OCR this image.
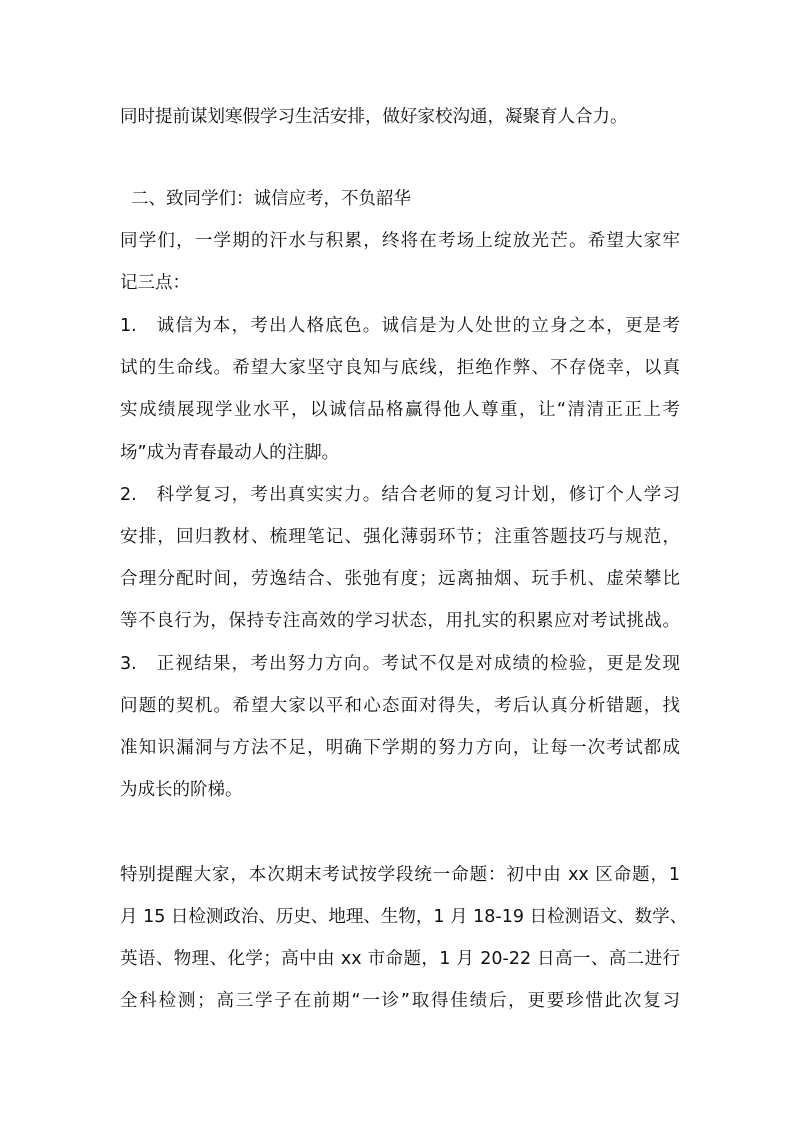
同时提前谋划寒假学习生活安排，做好家校沟通，凝聚育人合力。
二、致同学们：诚信应考，不负韶华
同学们，一学期的汗水与积累，终将在考场上绽放光芒。希望大家牢
记三点：
1.　诚信为本，考出人格底色。诚信是为人处世的立身之本，更是考
试的生命线。希望大家坚守良知与底线，拒绝作弊、不存侥幸，以真
实成绩展现学业水平，以诚信品格赢得他人尊重，让“清清正正上考
场”成为青春最动人的注脚。
2.　科学复习，考出真实实力。结合老师的复习计划，修订个人学习
安排，回归教材、梳理笔记、强化薄弱环节；注重答题技巧与规范，
合理分配时间，劳逸结合、张弛有度；远离抽烟、玩手机、虚荣攀比
等不良行为，保持专注高效的学习状态，用扎实的积累应对考试挑战。
3.　正视结果，考出努力方向。考试不仅是对成绩的检验，更是发现
问题的契机。希望大家以平和心态面对得失，考后认真分析错题，找
准知识漏洞与方法不足，明确下学期的努力方向，让每一次考试都成
为成长的阶梯。
特别提醒大家，本次期末考试按学段统一命题：初中由 xx 区命题，1
月 15 日检测政治、历史、地理、生物，1 月 18-19 日检测语文、数学、
英语、物理、化学；高中由 xx 市命题，1 月 20-22 日高一、高二进行
全科检测；高三学子在前期“一诊”取得佳绩后，更要珍惜此次复习
